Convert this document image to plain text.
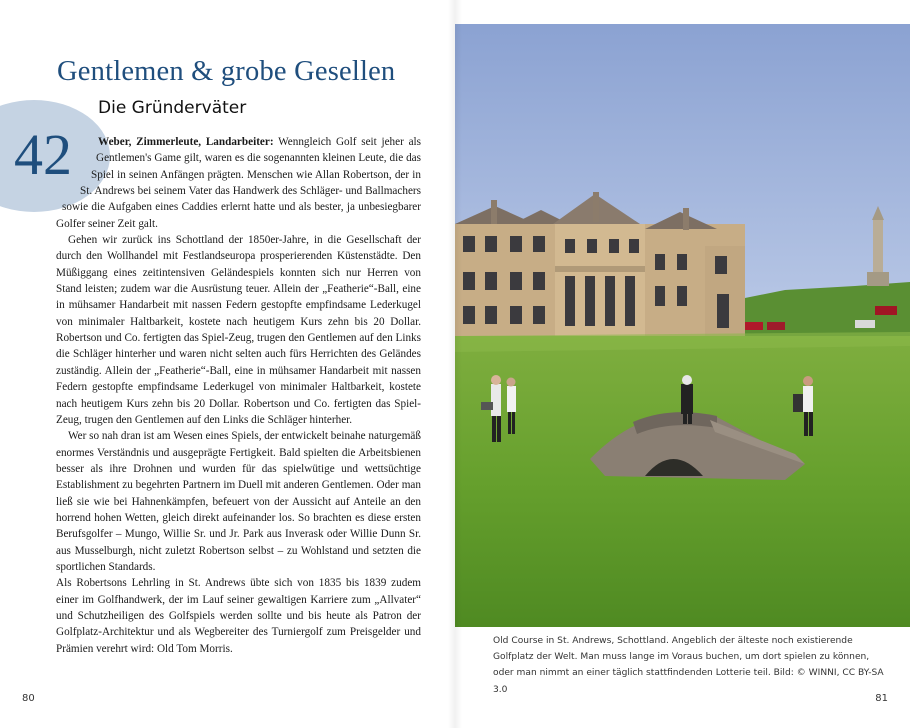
42
Gentlemen & grobe Gesellen
Die Gründerväter

Weber, Zimmerleute, Landarbeiter: Wenngleich Golf seit jeher als Gentlemen's Game gilt, waren es die sogenannten kleinen Leute, die das Spiel in seinen Anfängen prägten. Menschen wie Allan Robertson, der in St. Andrews bei seinem Vater das Handwerk des Schläger- und Ballmachers sowie die Aufgaben eines Caddies erlernt hatte und als bester, ja unbesiegbarer Golfer seiner Zeit galt.

Gehen wir zurück ins Schottland der 1850er-Jahre, in die Gesellschaft der durch den Wollhandel mit Festlandseuropa prosperierenden Küstenstädte. Den Müßiggang eines zeitintensiven Geländespiels konnten sich nur Herren von Stand leisten; zudem war die Ausrüstung teuer. Allein der „Featherie“-Ball, eine in mühsamer Handarbeit mit nassen Federn gestopfte empfindsame Lederkugel von minimaler Haltbarkeit, kostete nach heutigem Kurs zehn bis 20 Dollar. Robertson und Co. fertigten das Spiel-Zeug, trugen den Gentlemen auf den Links die Schläger hinterher und waren nicht selten auch fürs Herrichten des Geländes zuständig. Allein der „Featherie“-Ball, eine in mühsamer Handarbeit mit nassen Federn gestopfte empfindsame Lederkugel von minimaler Haltbarkeit, kostete nach heutigem Kurs zehn bis 20 Dollar. Robertson und Co. fertigten das Spiel-Zeug, trugen den Gentlemen auf den Links die Schläger hinterher.

Wer so nah dran ist am Wesen eines Spiels, der entwickelt beinahe naturgemäß enormes Verständnis und ausgeprägte Fertigkeit. Bald spielten die Arbeitsbienen besser als ihre Drohnen und wurden für das spielwütige und wettsüchtige Establishment zu begehrten Partnern im Duell mit anderen Gentlemen. Oder man ließ sie wie bei Hahnenkämpfen, befeuert von der Aussicht auf Anteile an den horrend hohen Wetten, gleich direkt aufeinander los. So brachten es diese ersten Berufsgolfer – Mungo, Willie Sr. und Jr. Park aus Inverask oder Willie Dunn Sr. aus Musselburgh, nicht zuletzt Robertson selbst – zu Wohlstand und setzten die sportlichen Standards.

Als Robertsons Lehrling in St. Andrews übte sich von 1835 bis 1839 zudem einer im Golfhandwerk, der im Lauf seiner gewaltigen Karriere zum „Allvater“ und Schutzheiligen des Golfspiels werden sollte und bis heute als Patron der Golfplatz-Architektur und als Wegbereiter des Turniergolf zum Preisgelder und Prämien verehrt wird: Old Tom Morris.

80

Old Course in St. Andrews, Schottland. Angeblich der älteste noch existierende Golfplatz der Welt. Man muss lange im Voraus buchen, um dort spielen zu können, oder man nimmt an einer täglich stattfindenden Lotterie teil. Bild: © WINNI, CC BY-SA 3.0

81
